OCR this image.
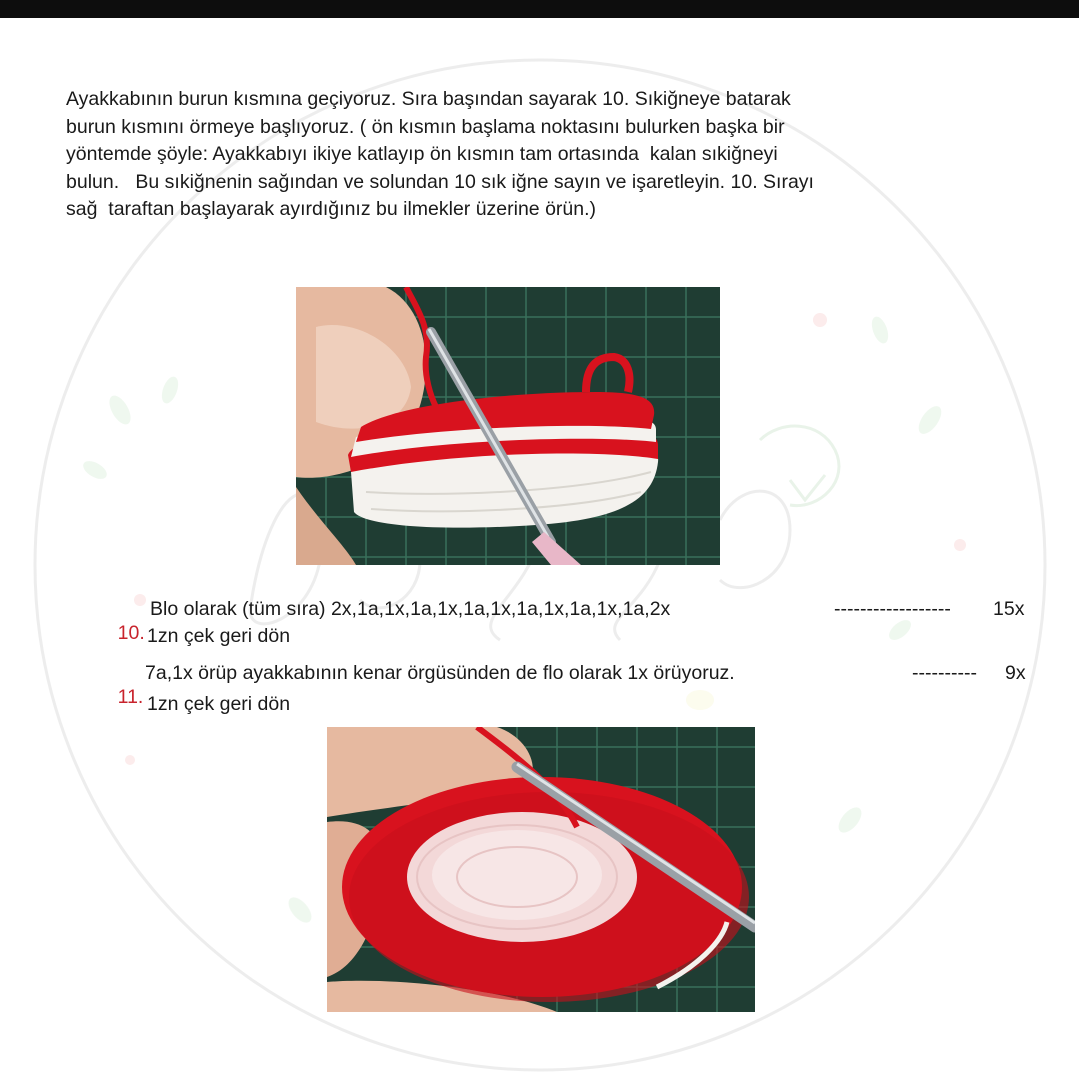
Ayakkabının burun kısmına geçiyoruz. Sıra başından sayarak 10. Sıkiğneye batarak
burun kısmını örmeye başlıyoruz. ( ön kısmın başlama noktasını bulurken başka bir
yöntemde şöyle: Ayakkabıyı ikiye katlayıp ön kısmın tam ortasında  kalan sıkiğneyi
bulun.   Bu sıkiğnenin sağından ve solundan 10 sık iğne sayın ve işaretleyin. 10. Sırayı
sağ  taraftan başlayarak ayırdığınız bu ilmekler üzerine örün.)

10.

Blo olarak (tüm sıra) 2x,1a,1x,1a,1x,1a,1x,1a,1x,1a,1x,1a,2x	------------------ 15x
1zn çek geri dön

11.

7a,1x örüp ayakkabının kenar örgüsünden de flo olarak 1x örüyoruz.	---------- 9x
1zn çek geri dön
